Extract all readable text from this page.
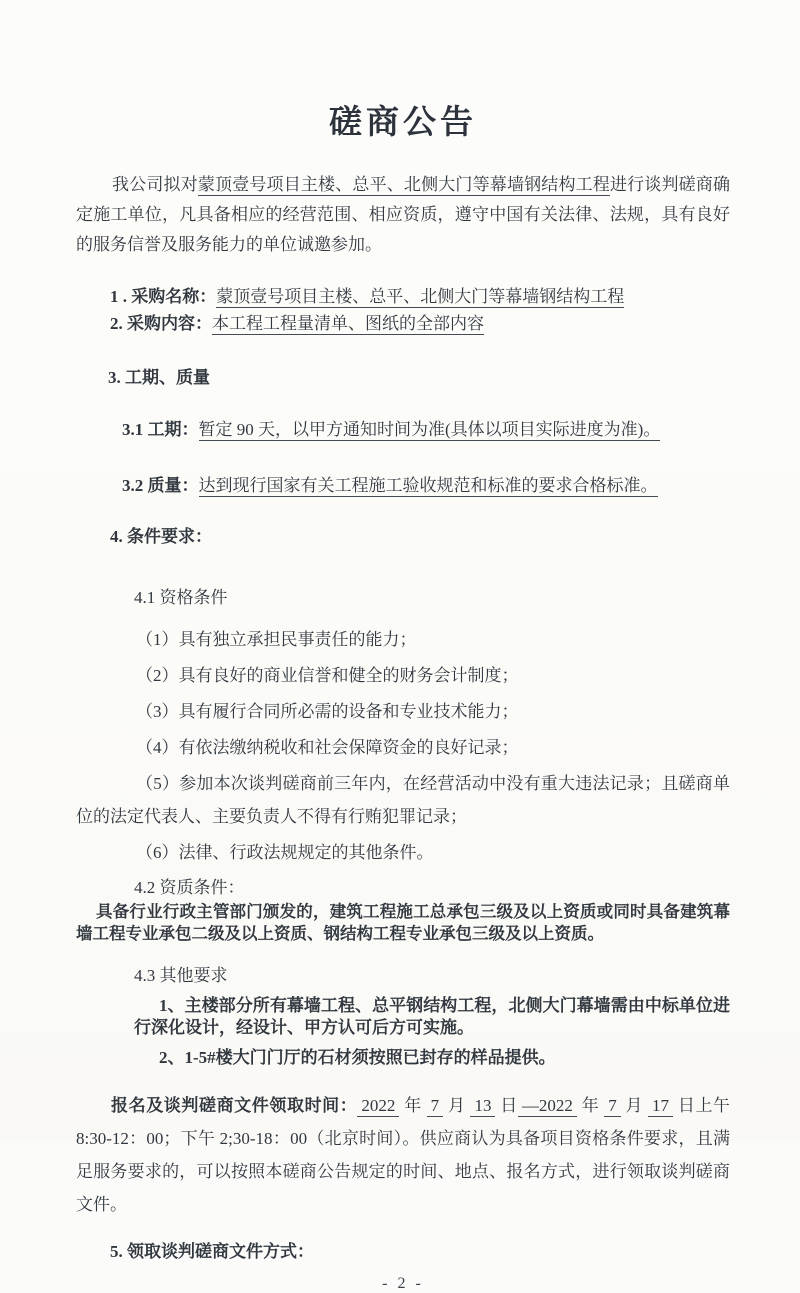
磋商公告

我公司拟对蒙顶壹号项目主楼、总平、北侧大门等幕墙钢结构工程进行谈判磋商确定施工单位，凡具备相应的经营范围、相应资质，遵守中国有关法律、法规，具有良好的服务信誉及服务能力的单位诚邀参加。

1 . 采购名称：蒙顶壹号项目主楼、总平、北侧大门等幕墙钢结构工程

2. 采购内容：本工程工程量清单、图纸的全部内容

3. 工期、质量

3.1 工期：暂定 90 天，以甲方通知时间为准(具体以项目实际进度为准)。

3.2 质量：达到现行国家有关工程施工验收规范和标准的要求合格标准。

4. 条件要求：

4.1 资格条件

（1）具有独立承担民事责任的能力；

（2）具有良好的商业信誉和健全的财务会计制度；

（3）具有履行合同所必需的设备和专业技术能力；

（4）有依法缴纳税收和社会保障资金的良好记录；

（5）参加本次谈判磋商前三年内，在经营活动中没有重大违法记录；且磋商单位的法定代表人、主要负责人不得有行贿犯罪记录；

（6）法律、行政法规规定的其他条件。

4.2 资质条件：

具备行业行政主管部门颁发的，建筑工程施工总承包三级及以上资质或同时具备建筑幕墙工程专业承包二级及以上资质、钢结构工程专业承包三级及以上资质。

4.3 其他要求

1、主楼部分所有幕墙工程、总平钢结构工程，北侧大门幕墙需由中标单位进行深化设计，经设计、甲方认可后方可实施。

2、1-5#楼大门门厅的石材须按照已封存的样品提供。

报名及谈判磋商文件领取时间： 2022 年 7 月 13 日 —2022 年 7 月 17 日上午 8:30-12：00；下午 2;30-18：00（北京时间）。供应商认为具备项目资格条件要求，且满足服务要求的，可以按照本磋商公告规定的时间、地点、报名方式，进行领取谈判磋商文件。

5. 领取谈判磋商文件方式：

- 2 -
